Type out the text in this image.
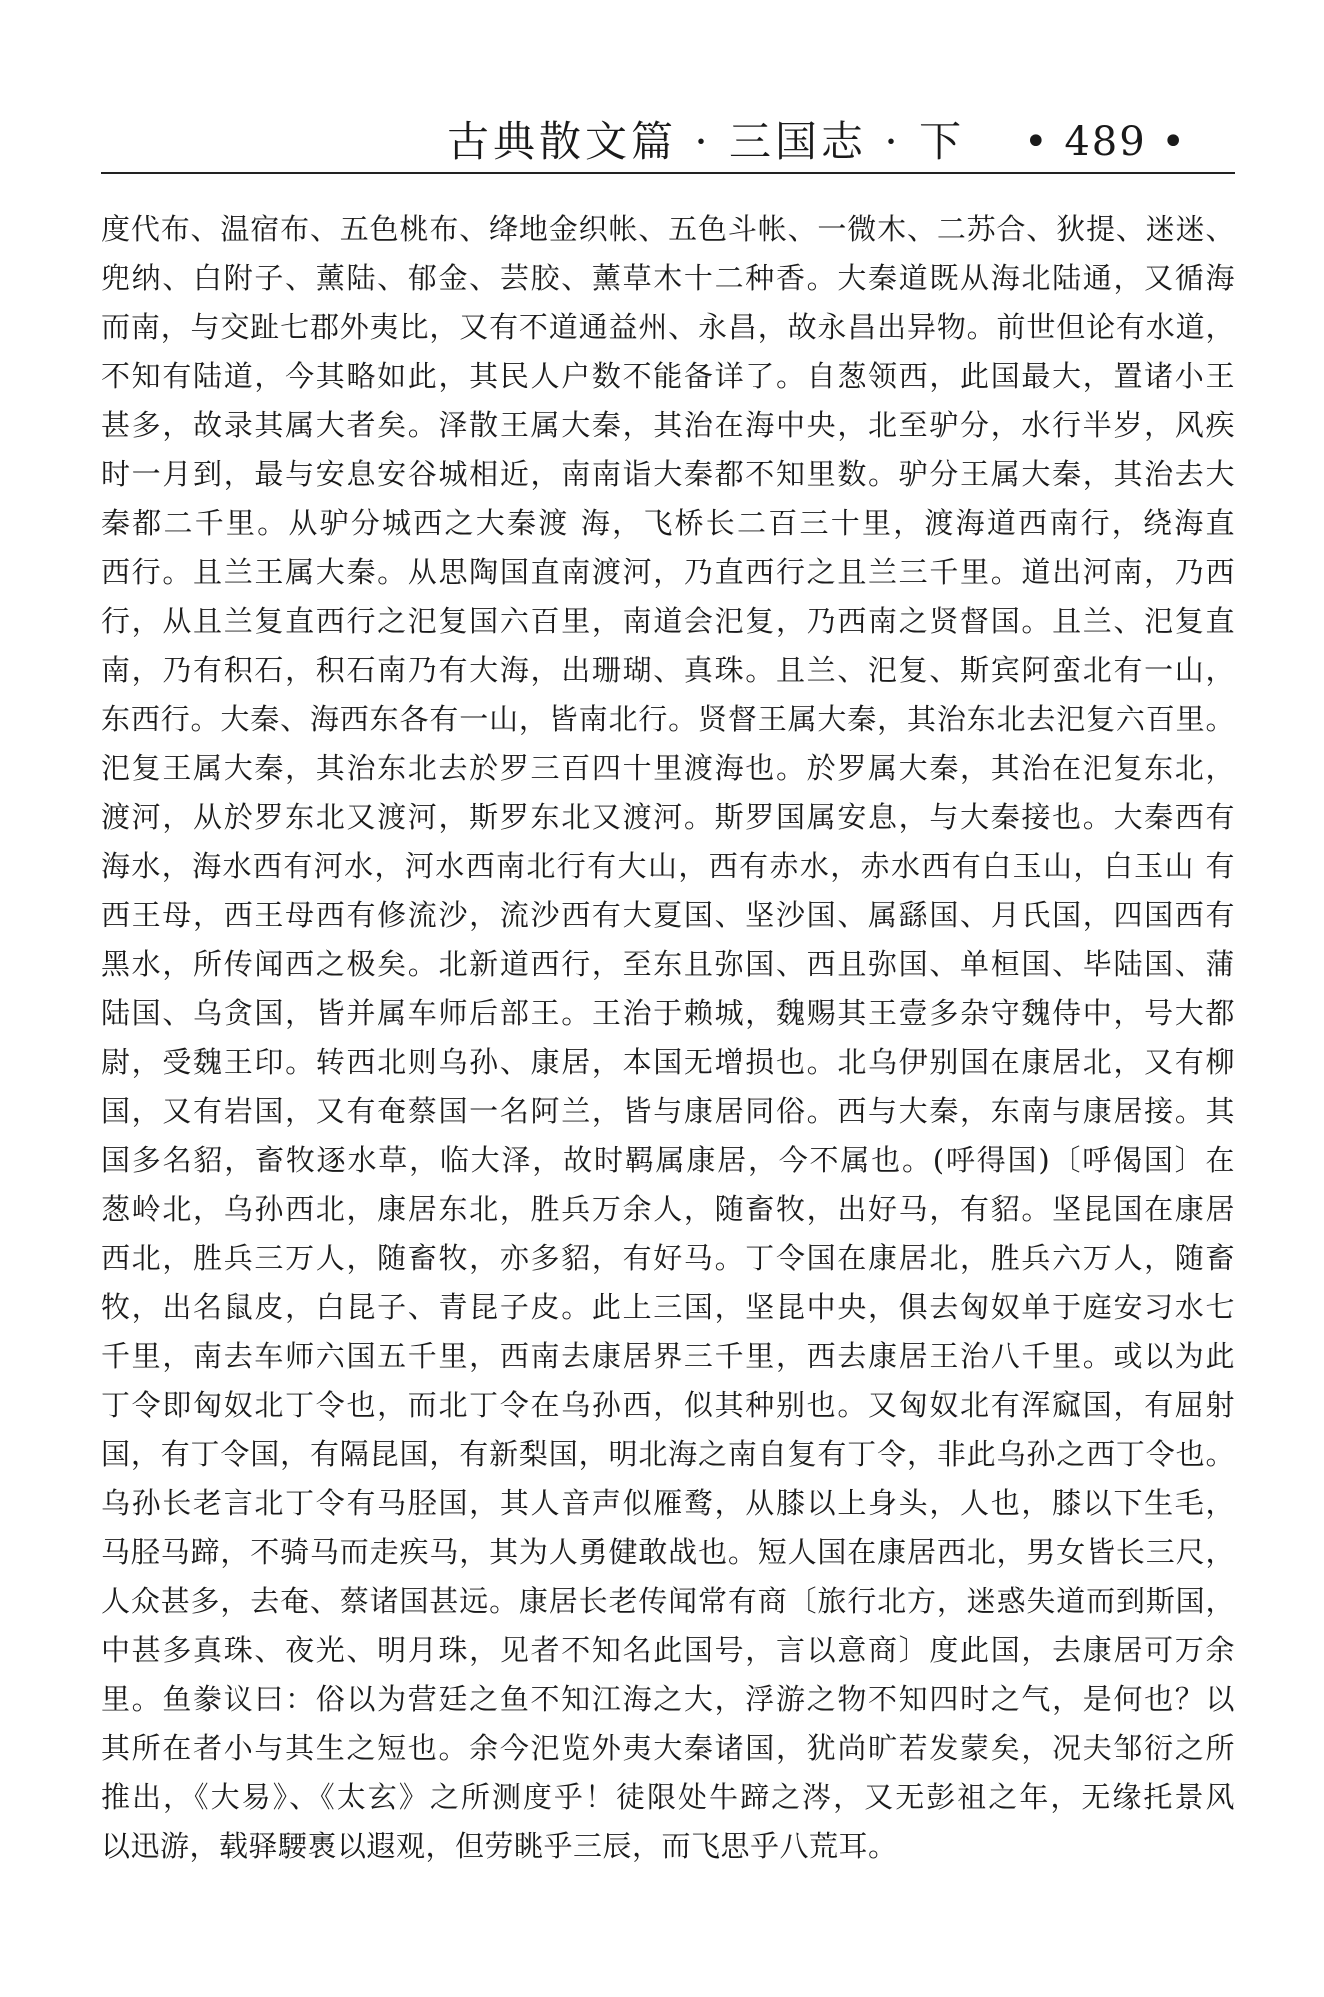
古典散文篇 · 三国志 · 下 • 489 •
度代布、温宿布、五色桃布、绛地金织帐、五色斗帐、一微木、二苏合、狄提、迷迷、
兜纳、白附子、薰陆、郁金、芸胶、薰草木十二种香。大秦道既从海北陆通，又循海
而南，与交趾七郡外夷比，又有不道通益州、永昌，故永昌出异物。前世但论有水道，
不知有陆道，今其略如此，其民人户数不能备详了。自葱领西，此国最大，置诸小王
甚多，故录其属大者矣。泽散王属大秦，其治在海中央，北至驴分，水行半岁，风疾
时一月到，最与安息安谷城相近，南南诣大秦都不知里数。驴分王属大秦，其治去大
秦都二千里。从驴分城西之大秦渡 海，飞桥长二百三十里，渡海道西南行，绕海直
西行。且兰王属大秦。从思陶国直南渡河，乃直西行之且兰三千里。道出河南，乃西
行，从且兰复直西行之汜复国六百里，南道会汜复，乃西南之贤督国。且兰、汜复直
南，乃有积石，积石南乃有大海，出珊瑚、真珠。且兰、汜复、斯宾阿蛮北有一山，
东西行。大秦、海西东各有一山，皆南北行。贤督王属大秦，其治东北去汜复六百里。
汜复王属大秦，其治东北去於罗三百四十里渡海也。於罗属大秦，其治在汜复东北，
渡河，从於罗东北又渡河，斯罗东北又渡河。斯罗国属安息，与大秦接也。大秦西有
海水，海水西有河水，河水西南北行有大山，西有赤水，赤水西有白玉山，白玉山 有
西王母，西王母西有修流沙，流沙西有大夏国、坚沙国、属繇国、月氏国，四国西有
黑水，所传闻西之极矣。北新道西行，至东且弥国、西且弥国、单桓国、毕陆国、蒲
陆国、乌贪国，皆并属车师后部王。王治于赖城，魏赐其王壹多杂守魏侍中，号大都
尉，受魏王印。转西北则乌孙、康居，本国无增损也。北乌伊别国在康居北，又有柳
国，又有岩国，又有奄蔡国一名阿兰，皆与康居同俗。西与大秦，东南与康居接。其
国多名貂，畜牧逐水草，临大泽，故时羁属康居，今不属也。(呼得国)〔呼偈国〕在
葱岭北，乌孙西北，康居东北，胜兵万余人，随畜牧，出好马，有貂。坚昆国在康居
西北，胜兵三万人，随畜牧，亦多貂，有好马。丁令国在康居北，胜兵六万人，随畜
牧，出名鼠皮，白昆子、青昆子皮。此上三国，坚昆中央，俱去匈奴单于庭安习水七
千里，南去车师六国五千里，西南去康居界三千里，西去康居王治八千里。或以为此
丁令即匈奴北丁令也，而北丁令在乌孙西，似其种别也。又匈奴北有浑窳国，有屈射
国，有丁令国，有隔昆国，有新梨国，明北海之南自复有丁令，非此乌孙之西丁令也。
乌孙长老言北丁令有马胫国，其人音声似雁鹜，从膝以上身头，人也，膝以下生毛，
马胫马蹄，不骑马而走疾马，其为人勇健敢战也。短人国在康居西北，男女皆长三尺，
人众甚多，去奄、蔡诸国甚远。康居长老传闻常有商〔旅行北方，迷惑失道而到斯国，
中甚多真珠、夜光、明月珠，见者不知名此国号，言以意商〕度此国，去康居可万余
里。鱼豢议曰：俗以为营廷之鱼不知江海之大，浮游之物不知四时之气，是何也？以
其所在者小与其生之短也。余今汜览外夷大秦诸国，犹尚旷若发蒙矣，况夫邹衍之所
推出，《大易》、《太玄》之所测度乎！徒限处牛蹄之涔，又无彭祖之年，无缘托景风
以迅游，载驿騕褭以遐观，但劳眺乎三辰，而飞思乎八荒耳。
